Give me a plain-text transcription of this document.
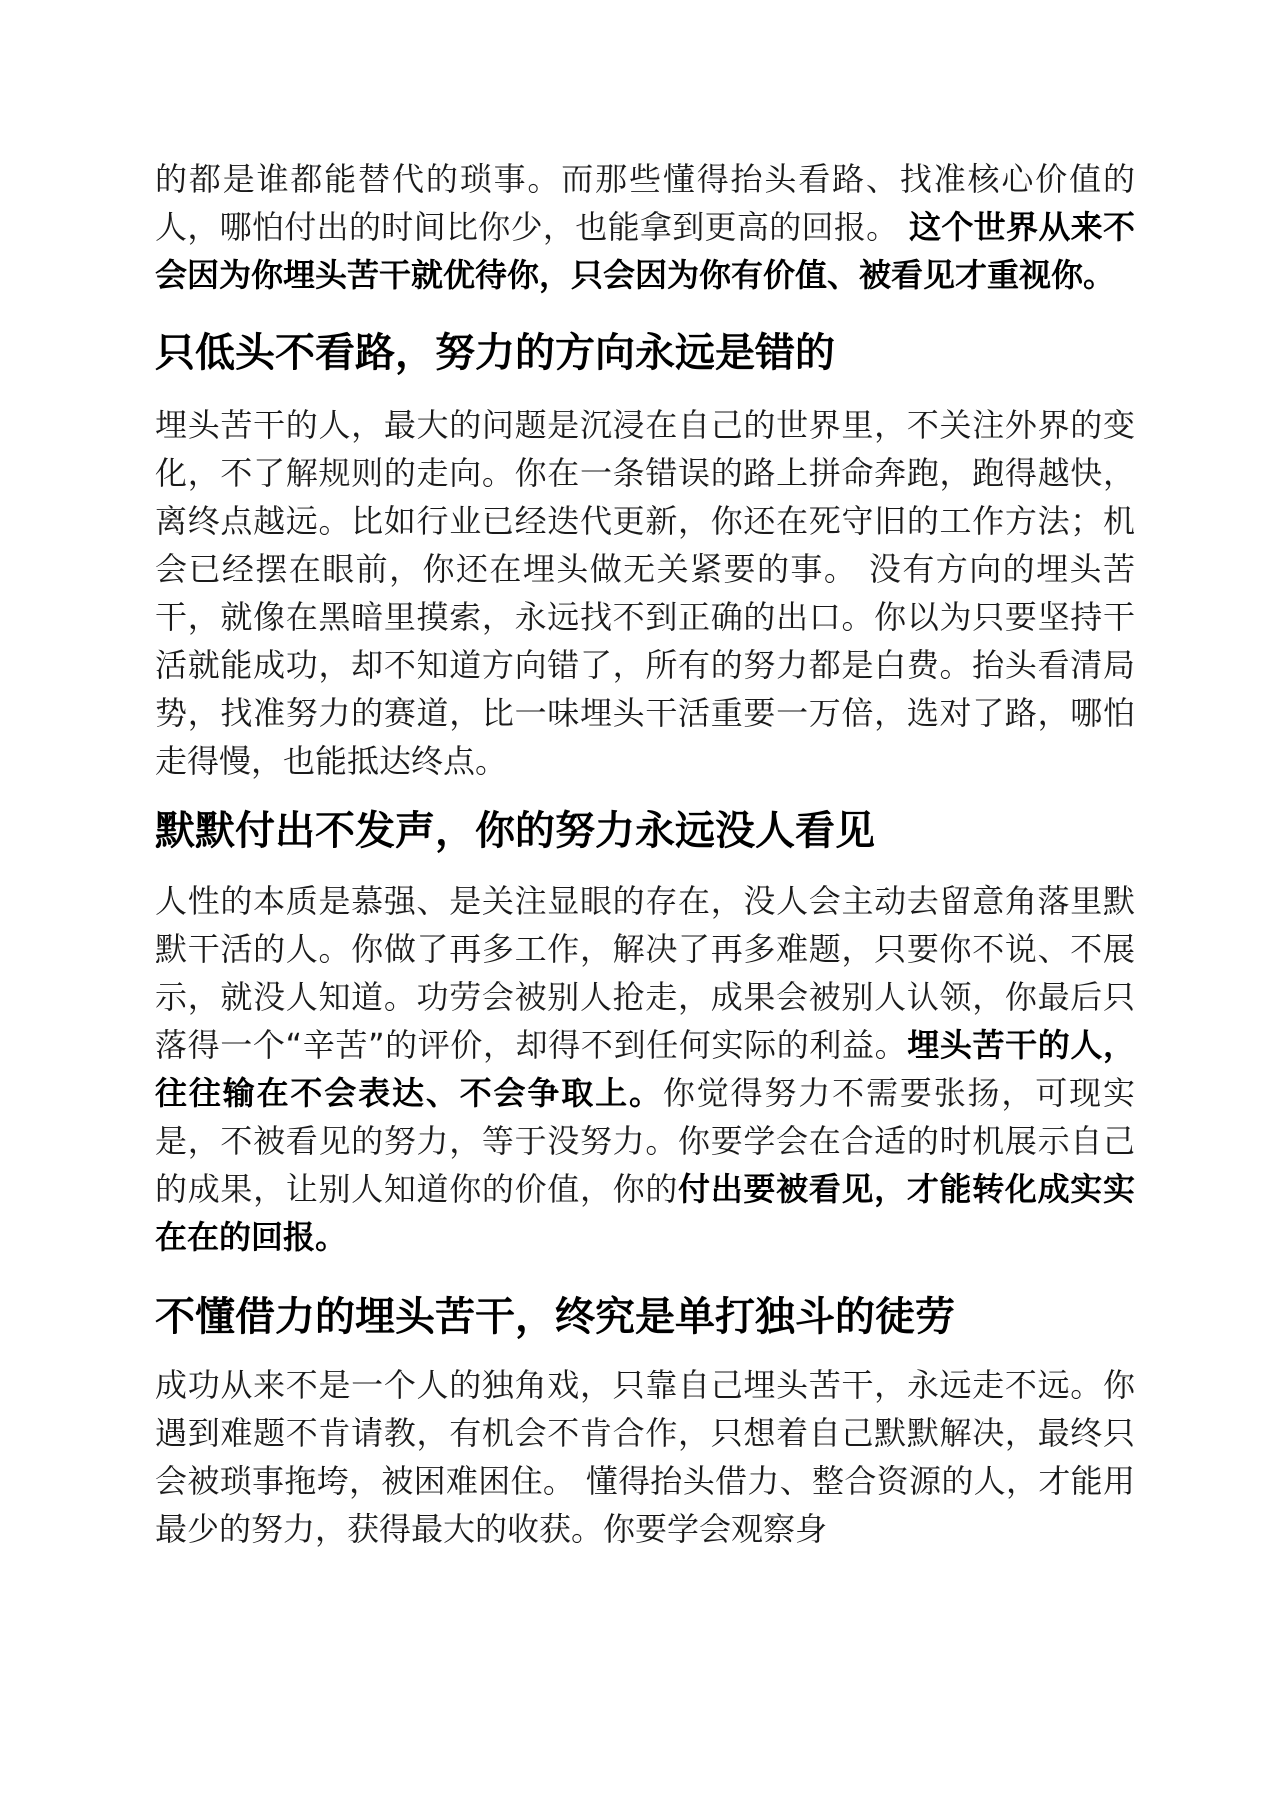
的都是谁都能替代的琐事。而那些懂得抬头看路、找准核心价值的人，哪怕付出的时间比你少，也能拿到更高的回报。 这个世界从来不会因为你埋头苦干就优待你，只会因为你有价值、被看见才重视你。

只低头不看路，努力的方向永远是错的

埋头苦干的人，最大的问题是沉浸在自己的世界里，不关注外界的变化，不了解规则的走向。你在一条错误的路上拼命奔跑，跑得越快，离终点越远。比如行业已经迭代更新，你还在死守旧的工作方法；机会已经摆在眼前，你还在埋头做无关紧要的事。 没有方向的埋头苦干，就像在黑暗里摸索，永远找不到正确的出口。你以为只要坚持干活就能成功，却不知道方向错了，所有的努力都是白费。抬头看清局势，找准努力的赛道，比一味埋头干活重要一万倍，选对了路，哪怕走得慢，也能抵达终点。

默默付出不发声，你的努力永远没人看见

人性的本质是慕强、是关注显眼的存在，没人会主动去留意角落里默默干活的人。你做了再多工作，解决了再多难题，只要你不说、不展示，就没人知道。功劳会被别人抢走，成果会被别人认领，你最后只落得一个“辛苦”的评价，却得不到任何实际的利益。埋头苦干的人，往往输在不会表达、不会争取上。你觉得努力不需要张扬，可现实是，不被看见的努力，等于没努力。你要学会在合适的时机展示自己的成果，让别人知道你的价值，你的付出要被看见，才能转化成实实在在的回报。

不懂借力的埋头苦干，终究是单打独斗的徒劳

成功从来不是一个人的独角戏，只靠自己埋头苦干，永远走不远。你遇到难题不肯请教，有机会不肯合作，只想着自己默默解决，最终只会被琐事拖垮，被困难困住。 懂得抬头借力、整合资源的人，才能用最少的努力，获得最大的收获。你要学会观察身
